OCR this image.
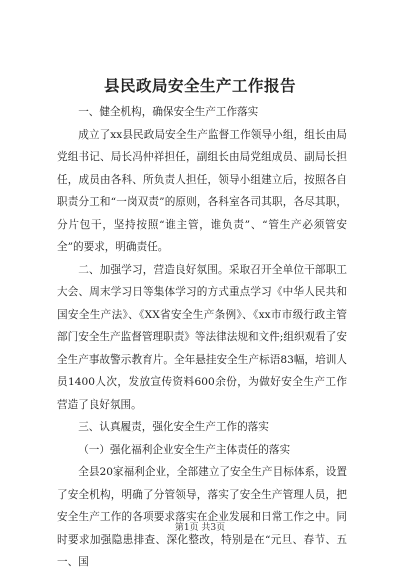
县民政局安全生产工作报告

一、健全机构，确保安全生产工作落实

成立了xx县民政局安全生产监督工作领导小组，组长由局党组书记、局长冯仲祥担任，副组长由局党组成员、副局长担任，成员由各科、所负责人担任，领导小组建立后，按照各自职责分工和“一岗双责”的原则，各科室各司其职，各尽其职，分片包干，坚持按照“谁主管，谁负责”、“管生产必须管安全”的要求，明确责任。

二、加强学习，营造良好氛围。采取召开全单位干部职工大会、周末学习日等集体学习的方式重点学习《中华人民共和国安全生产法》、《XX省安全生产条例》、《xx市市级行政主管部门安全生产监督管理职责》等法律法规和文件;组织观看了安全生产事故警示教育片。全年悬挂安全生产标语83幅，培训人员1400人次，发放宣传资料600余份，为做好安全生产工作营造了良好氛围。

三、认真履责，强化安全生产工作的落实

（一）强化福利企业安全生产主体责任的落实

全县20家福利企业，全部建立了安全生产目标体系，设置了安全机构，明确了分管领导，落实了安全生产管理人员，把安全生产工作的各项要求落实在企业发展和日常工作之中。同时要求加强隐患排查、深化整改，特别是在“元旦、春节、五一、国

第1页 共3页
